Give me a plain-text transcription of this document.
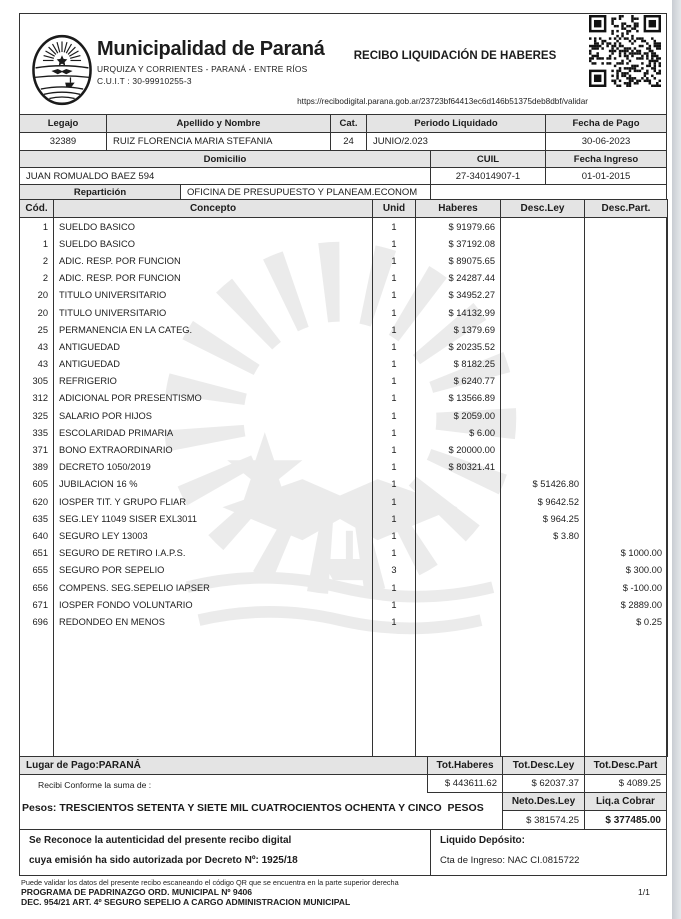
Municipalidad de Paraná
URQUIZA Y CORRIENTES - PARANÁ - ENTRE RÍOS
C.U.I.T : 30-99910255-3
RECIBO LIQUIDACIÓN DE HABERES
https://recibodigital.parana.gob.ar/23723bf64413ec6d146b51375deb8dbf/validar
Legajo	Apellido y Nombre	Cat.	Periodo Liquidado	Fecha de Pago
32389	RUIZ FLORENCIA MARIA STEFANIA	24	JUNIO/2.023	30-06-2023
Domicilio	CUIL	Fecha Ingreso
JUAN ROMUALDO BAEZ 594	27-34014907-1	01-01-2015
Repartición	OFICINA DE PRESUPUESTO Y PLANEAM.ECONOM
Cód.	Concepto	Unid	Haberes	Desc.Ley	Desc.Part.
1	SUELDO BASICO	1	$ 91979.66		
1	SUELDO BASICO	1	$ 37192.08		
2	ADIC. RESP. POR FUNCION	1	$ 89075.65		
2	ADIC. RESP. POR FUNCION	1	$ 24287.44		
20	TITULO UNIVERSITARIO	1	$ 34952.27		
20	TITULO UNIVERSITARIO	1	$ 14132.99		
25	PERMANENCIA EN LA CATEG.	1	$ 1379.69		
43	ANTIGUEDAD	1	$ 20235.52		
43	ANTIGUEDAD	1	$ 8182.25		
305	REFRIGERIO	1	$ 6240.77		
312	ADICIONAL POR PRESENTISMO	1	$ 13566.89		
325	SALARIO POR HIJOS	1	$ 2059.00		
335	ESCOLARIDAD PRIMARIA	1	$ 6.00		
371	BONO EXTRAORDINARIO	1	$ 20000.00		
389	DECRETO 1050/2019	1	$ 80321.41		
605	JUBILACION 16 %	1		$ 51426.80	
620	IOSPER TIT. Y GRUPO FLIAR	1		$ 9642.52	
635	SEG.LEY 11049 SISER EXL3011	1		$ 964.25	
640	SEGURO LEY 13003	1		$ 3.80	
651	SEGURO DE RETIRO I.A.P.S.	1			$ 1000.00
655	SEGURO POR SEPELIO	3			$ 300.00
656	COMPENS. SEG.SEPELIO IAPSER	1			$ -100.00
671	IOSPER FONDO VOLUNTARIO	1			$ 2889.00
696	REDONDEO EN MENOS	1			$ 0.25

Lugar de Pago:PARANÁ	Tot.Haberes	Tot.Desc.Ley	Tot.Desc.Part
$ 443611.62	$ 62037.37	$ 4089.25
Neto.Des.Ley	Liq.a Cobrar
$ 381574.25	$ 377485.00
Recibi Conforme la suma de :
Pesos: TRESCIENTOS SETENTA Y SIETE MIL CUATROCIENTOS OCHENTA Y CINCO  PESOS
Se Reconoce la autenticidad del presente recibo digital
cuya emisión ha sido autorizada por Decreto Nº: 1925/18
Liquido Depósito:
Cta de Ingreso: NAC CI.0815722
Puede validar los datos del presente recibo escaneando el código QR que se encuentra en la parte superior derecha
PROGRAMA DE PADRINAZGO ORD. MUNICIPAL Nº 9406
DEC. 954/21 ART. 4º SEGURO SEPELIO A CARGO ADMINISTRACION MUNICIPAL
1/1
